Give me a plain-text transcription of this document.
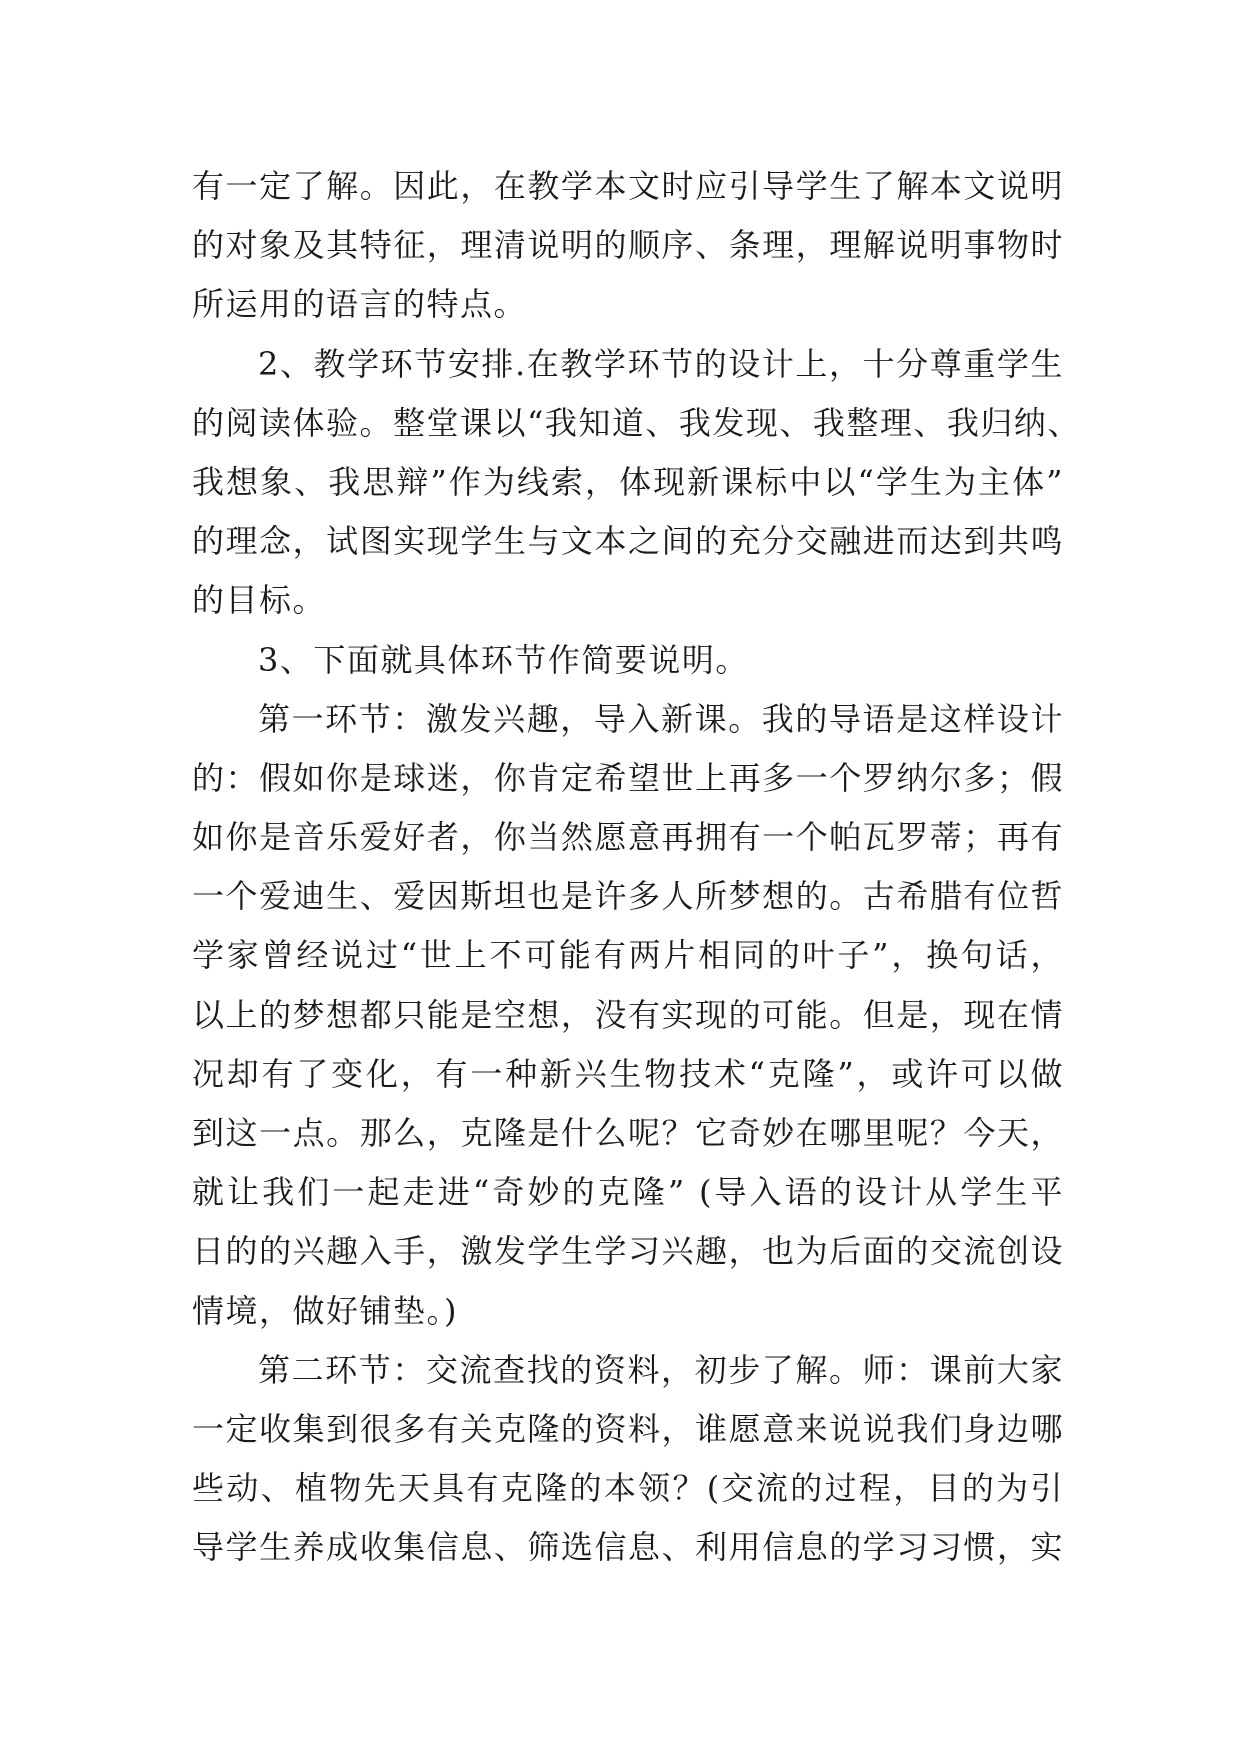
有一定了解。因此，在教学本文时应引导学生了解本文说明
的对象及其特征，理清说明的顺序、条理，理解说明事物时
所运用的语言的特点。
2、教学环节安排.在教学环节的设计上，十分尊重学生
的阅读体验。整堂课以“我知道、我发现、我整理、我归纳、
我想象、我思辩”作为线索，体现新课标中以“学生为主体”
的理念，试图实现学生与文本之间的充分交融进而达到共鸣
的目标。
3、下面就具体环节作简要说明。
第一环节：激发兴趣，导入新课。我的导语是这样设计
的：假如你是球迷，你肯定希望世上再多一个罗纳尔多；假
如你是音乐爱好者，你当然愿意再拥有一个帕瓦罗蒂；再有
一个爱迪生、爱因斯坦也是许多人所梦想的。古希腊有位哲
学家曾经说过“世上不可能有两片相同的叶子”，换句话，
以上的梦想都只能是空想，没有实现的可能。但是，现在情
况却有了变化，有一种新兴生物技术“克隆”，或许可以做
到这一点。那么，克隆是什么呢？它奇妙在哪里呢？今天，
就让我们一起走进“奇妙的克隆” (导入语的设计从学生平
日的的兴趣入手，激发学生学习兴趣，也为后面的交流创设
情境，做好铺垫。)
第二环节：交流查找的资料，初步了解。师：课前大家
一定收集到很多有关克隆的资料，谁愿意来说说我们身边哪
些动、植物先天具有克隆的本领？(交流的过程，目的为引
导学生养成收集信息、筛选信息、利用信息的学习习惯，实
